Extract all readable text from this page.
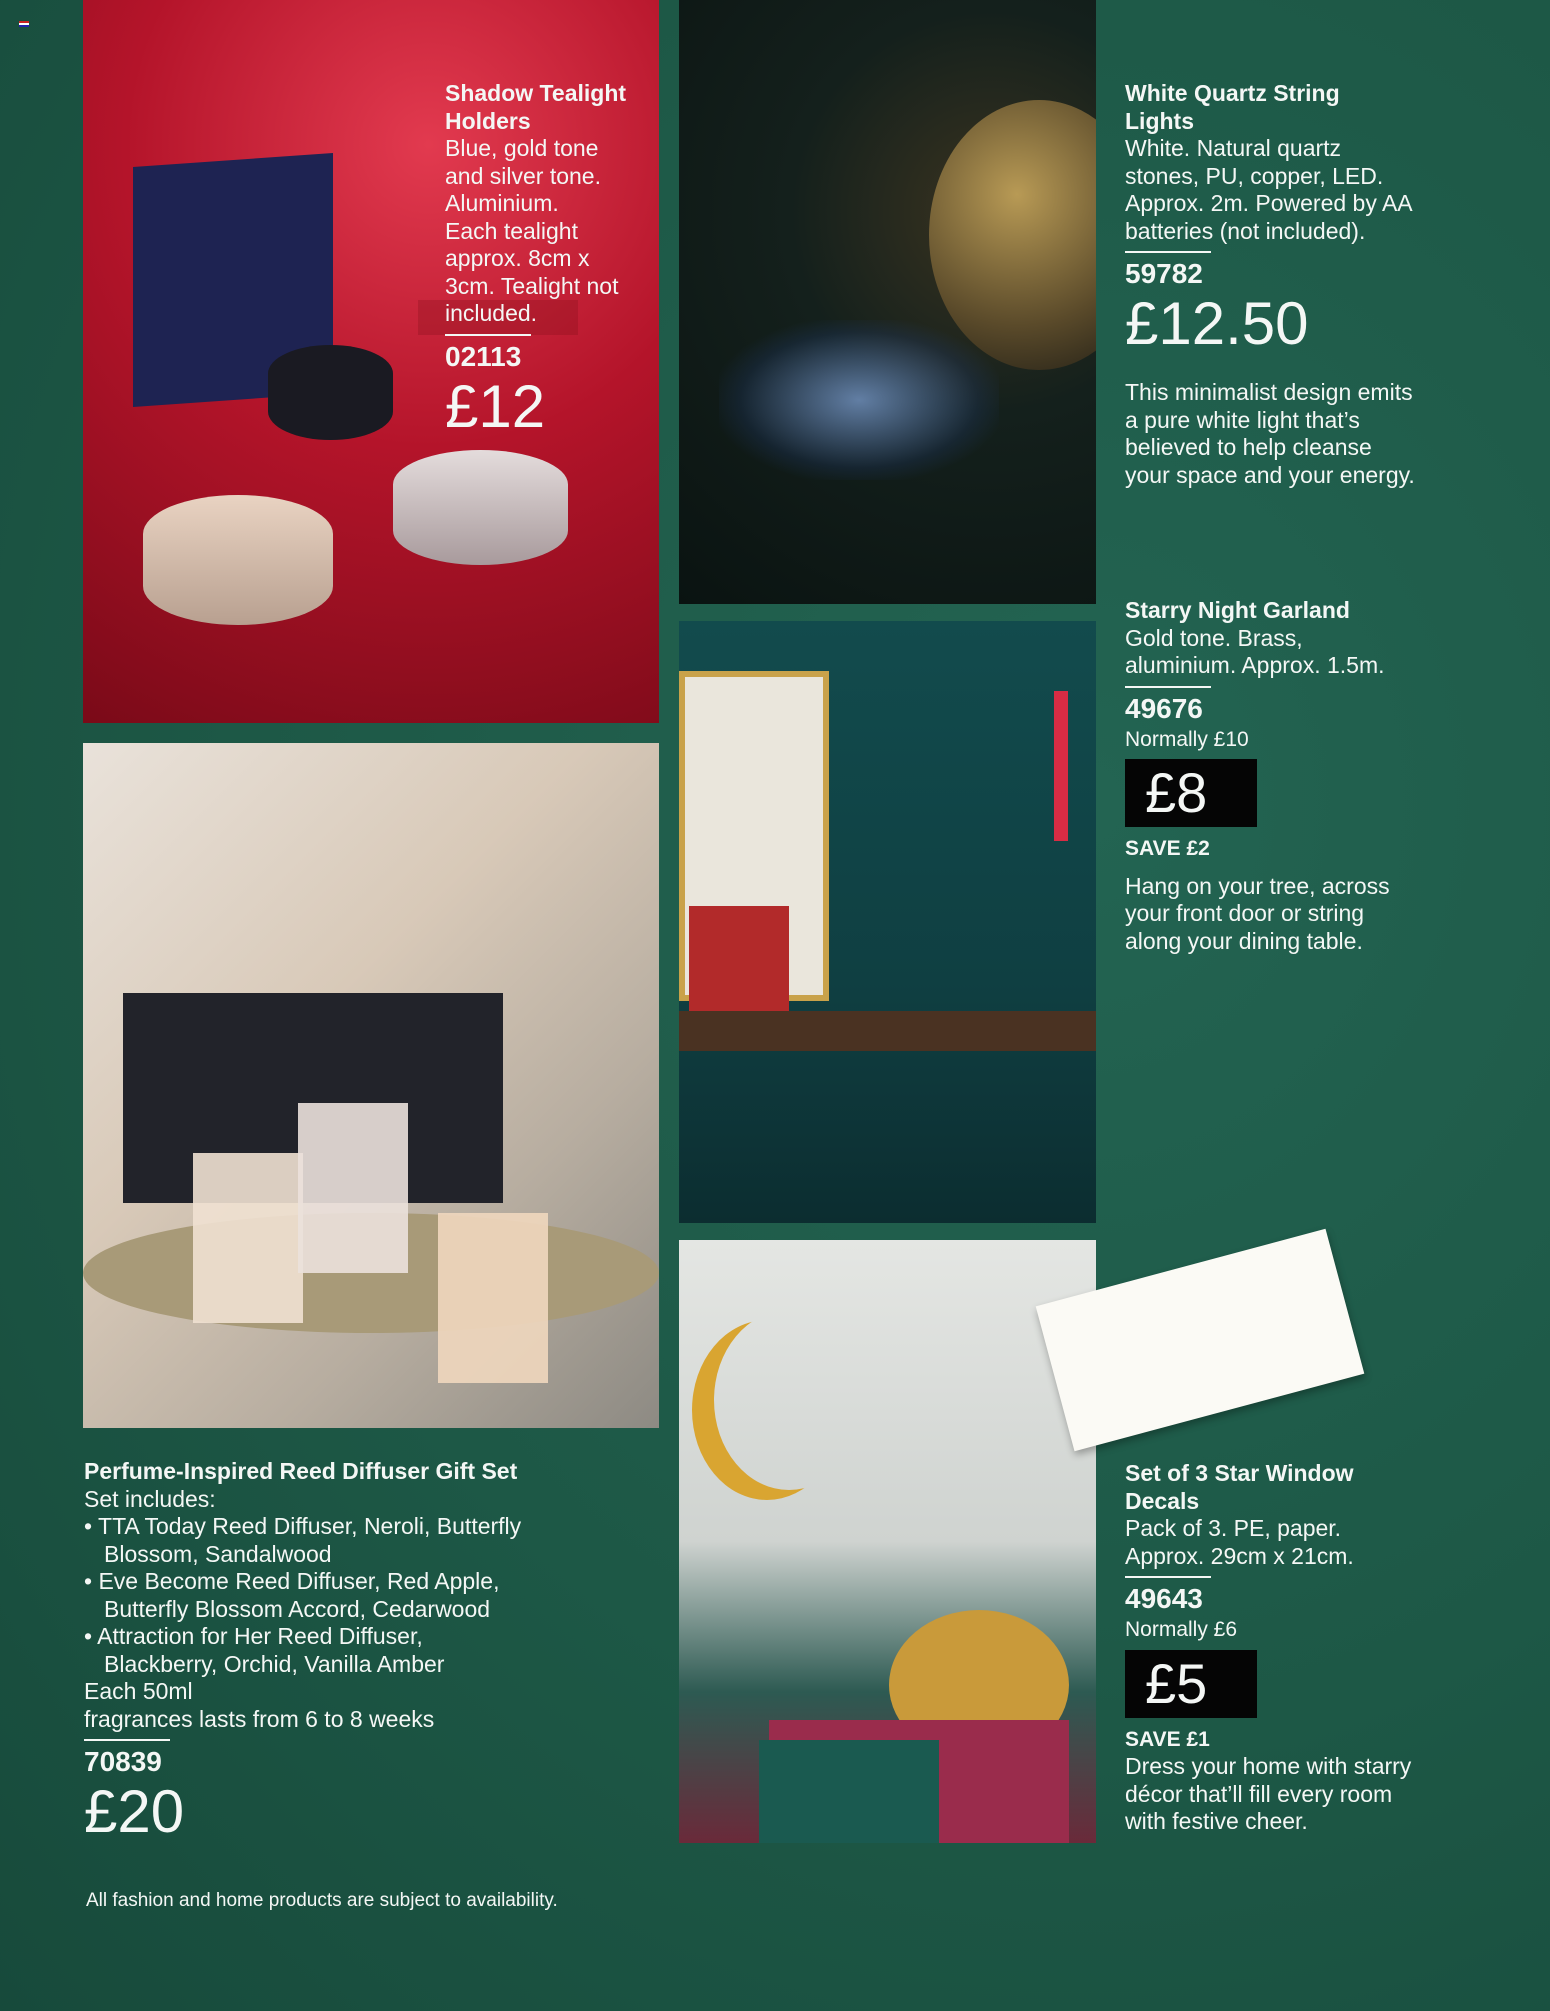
Shadow Tealight Holders
Blue, gold tone
and silver tone.
Aluminium.
Each tealight
approx. 8cm x
3cm. Tealight not
included.
02113
£12
White Quartz String Lights
White. Natural quartz stones, PU, copper, LED. Approx. 2m. Powered by AA batteries (not included).
59782
£12.50
This minimalist design emits a pure white light that’s believed to help cleanse your space and your energy.
Starry Night Garland
Gold tone. Brass, aluminium. Approx. 1.5m.
49676
Normally £10
£8
SAVE £2
Hang on your tree, across your front door or string along your dining table.
Perfume-Inspired Reed Diffuser Gift Set
Set includes:
• TTA Today Reed Diffuser, Neroli, Butterfly Blossom, Sandalwood
• Eve Become Reed Diffuser, Red Apple, Butterfly Blossom Accord, Cedarwood
• Attraction for Her Reed Diffuser, Blackberry, Orchid, Vanilla Amber
Each 50ml
fragrances lasts from 6 to 8 weeks
70839
£20
Set of 3 Star Window Decals
Pack of 3. PE, paper. Approx. 29cm x 21cm.
49643
Normally £6
£5
SAVE £1
Dress your home with starry décor that’ll fill every room with festive cheer.
All fashion and home products are subject to availability.
